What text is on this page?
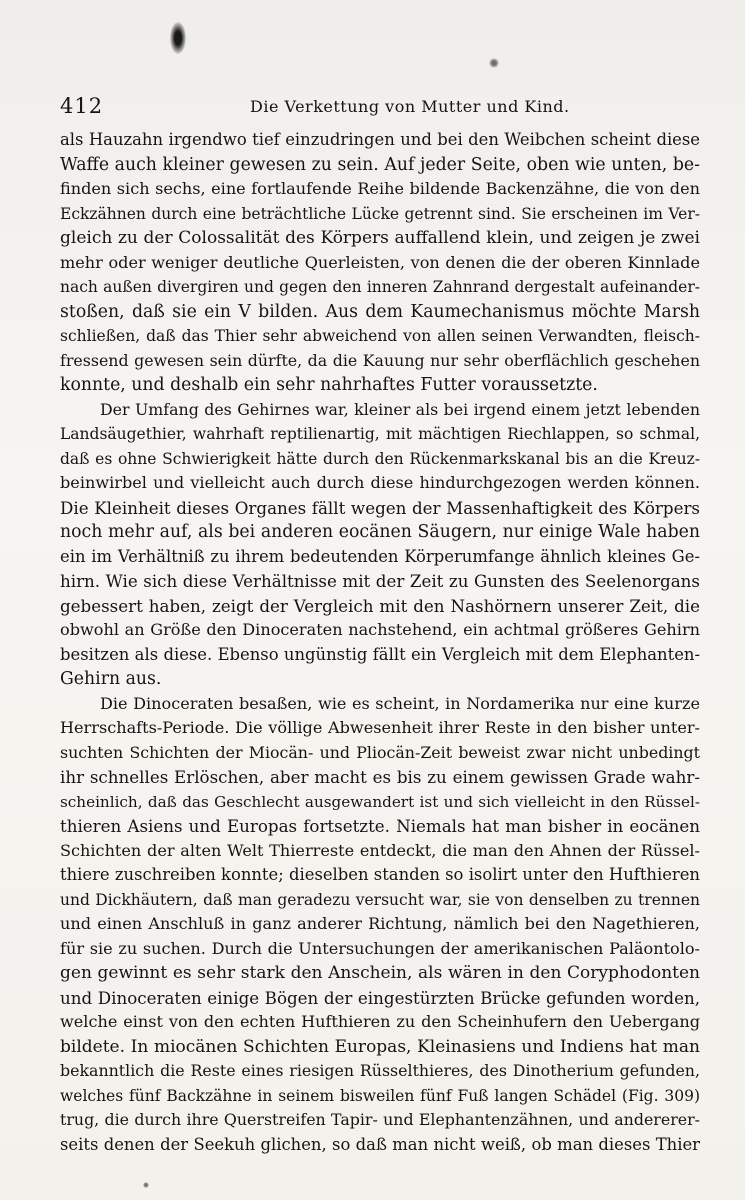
412	Die Verkettung von Mutter und Kind.
als Hauzahn irgendwo tief einzudringen und bei den Weibchen scheint diese
Waffe auch kleiner gewesen zu sein. Auf jeder Seite, oben wie unten, be-
finden sich sechs, eine fortlaufende Reihe bildende Backenzähne, die von den
Eckzähnen durch eine beträchtliche Lücke getrennt sind. Sie erscheinen im Ver-
gleich zu der Colossalität des Körpers auffallend klein, und zeigen je zwei
mehr oder weniger deutliche Querleisten, von denen die der oberen Kinnlade
nach außen divergiren und gegen den inneren Zahnrand dergestalt aufeinander-
stoßen, daß sie ein V bilden. Aus dem Kaumechanismus möchte Marsh
schließen, daß das Thier sehr abweichend von allen seinen Verwandten, fleisch-
fressend gewesen sein dürfte, da die Kauung nur sehr oberflächlich geschehen
konnte, und deshalb ein sehr nahrhaftes Futter voraussetzte.
Der Umfang des Gehirnes war, kleiner als bei irgend einem jetzt lebenden
Landsäugethier, wahrhaft reptilienartig, mit mächtigen Riechlappen, so schmal,
daß es ohne Schwierigkeit hätte durch den Rückenmarkskanal bis an die Kreuz-
beinwirbel und vielleicht auch durch diese hindurchgezogen werden können.
Die Kleinheit dieses Organes fällt wegen der Massenhaftigkeit des Körpers
noch mehr auf, als bei anderen eocänen Säugern, nur einige Wale haben
ein im Verhältniß zu ihrem bedeutenden Körperumfange ähnlich kleines Ge-
hirn. Wie sich diese Verhältnisse mit der Zeit zu Gunsten des Seelenorgans
gebessert haben, zeigt der Vergleich mit den Nashörnern unserer Zeit, die
obwohl an Größe den Dinoceraten nachstehend, ein achtmal größeres Gehirn
besitzen als diese. Ebenso ungünstig fällt ein Vergleich mit dem Elephanten-
Gehirn aus.
Die Dinoceraten besaßen, wie es scheint, in Nordamerika nur eine kurze
Herrschafts-Periode. Die völlige Abwesenheit ihrer Reste in den bisher unter-
suchten Schichten der Miocän- und Pliocän-Zeit beweist zwar nicht unbedingt
ihr schnelles Erlöschen, aber macht es bis zu einem gewissen Grade wahr-
scheinlich, daß das Geschlecht ausgewandert ist und sich vielleicht in den Rüssel-
thieren Asiens und Europas fortsetzte. Niemals hat man bisher in eocänen
Schichten der alten Welt Thierreste entdeckt, die man den Ahnen der Rüssel-
thiere zuschreiben konnte; dieselben standen so isolirt unter den Hufthieren
und Dickhäutern, daß man geradezu versucht war, sie von denselben zu trennen
und einen Anschluß in ganz anderer Richtung, nämlich bei den Nagethieren,
für sie zu suchen. Durch die Untersuchungen der amerikanischen Paläontolo-
gen gewinnt es sehr stark den Anschein, als wären in den Coryphodonten
und Dinoceraten einige Bögen der eingestürzten Brücke gefunden worden,
welche einst von den echten Hufthieren zu den Scheinhufern den Uebergang
bildete. In miocänen Schichten Europas, Kleinasiens und Indiens hat man
bekanntlich die Reste eines riesigen Rüsselthieres, des Dinotherium gefunden,
welches fünf Backzähne in seinem bisweilen fünf Fuß langen Schädel (Fig. 309)
trug, die durch ihre Querstreifen Tapir- und Elephantenzähnen, und andererer-
seits denen der Seekuh glichen, so daß man nicht weiß, ob man dieses Thier
